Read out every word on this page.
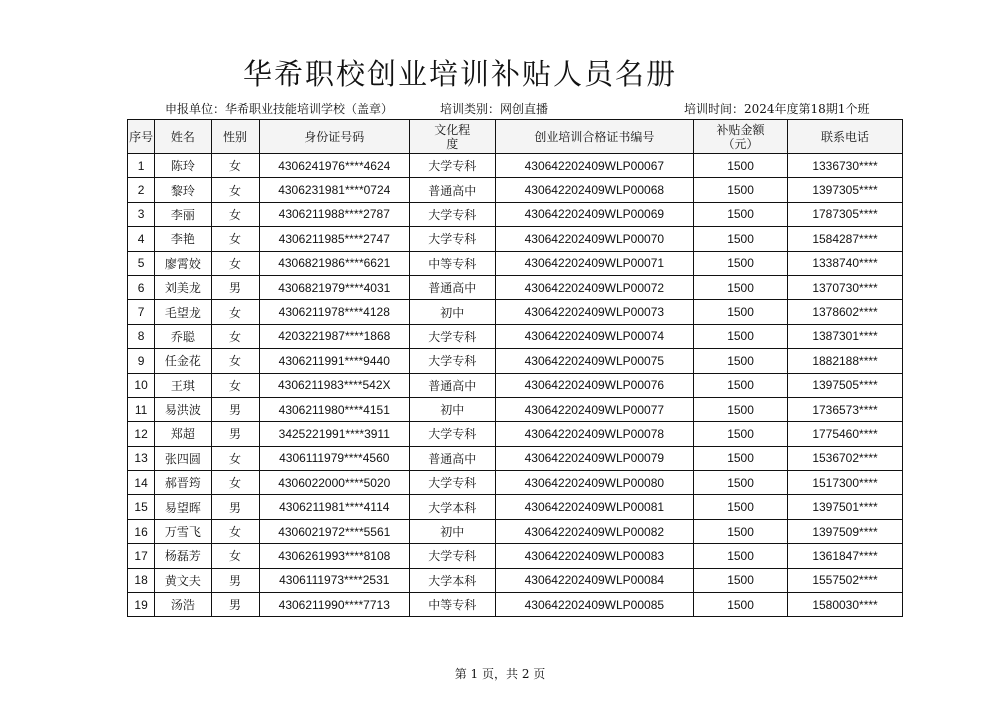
华希职校创业培训补贴人员名册
申报单位：华希职业技能培训学校（盖章）	培训类别：网创直播	培训时间：2024年度第18期1个班
序号	姓名	性别	身份证号码	文化程度	创业培训合格证书编号	补贴金额（元）	联系电话
1	陈玲	女	4306241976****4624	大学专科	430642202409WLP00067	1500	1336730****
2	黎玲	女	4306231981****0724	普通高中	430642202409WLP00068	1500	1397305****
3	李丽	女	4306211988****2787	大学专科	430642202409WLP00069	1500	1787305****
4	李艳	女	4306211985****2747	大学专科	430642202409WLP00070	1500	1584287****
5	廖霄姣	女	4306821986****6621	中等专科	430642202409WLP00071	1500	1338740****
6	刘美龙	男	4306821979****4031	普通高中	430642202409WLP00072	1500	1370730****
7	毛望龙	女	4306211978****4128	初中	430642202409WLP00073	1500	1378602****
8	乔聪	女	4203221987****1868	大学专科	430642202409WLP00074	1500	1387301****
9	任金花	女	4306211991****9440	大学专科	430642202409WLP00075	1500	1882188****
10	王琪	女	4306211983****542X	普通高中	430642202409WLP00076	1500	1397505****
11	易洪波	男	4306211980****4151	初中	430642202409WLP00077	1500	1736573****
12	郑超	男	3425221991****3911	大学专科	430642202409WLP00078	1500	1775460****
13	张四圆	女	4306111979****4560	普通高中	430642202409WLP00079	1500	1536702****
14	郝晋筠	女	4306022000****5020	大学专科	430642202409WLP00080	1500	1517300****
15	易望晖	男	4306211981****4114	大学本科	430642202409WLP00081	1500	1397501****
16	万雪飞	女	4306021972****5561	初中	430642202409WLP00082	1500	1397509****
17	杨磊芳	女	4306261993****8108	大学专科	430642202409WLP00083	1500	1361847****
18	黄文夫	男	4306111973****2531	大学本科	430642202409WLP00084	1500	1557502****
19	汤浩	男	4306211990****7713	中等专科	430642202409WLP00085	1500	1580030****
第 1 页，共 2 页
